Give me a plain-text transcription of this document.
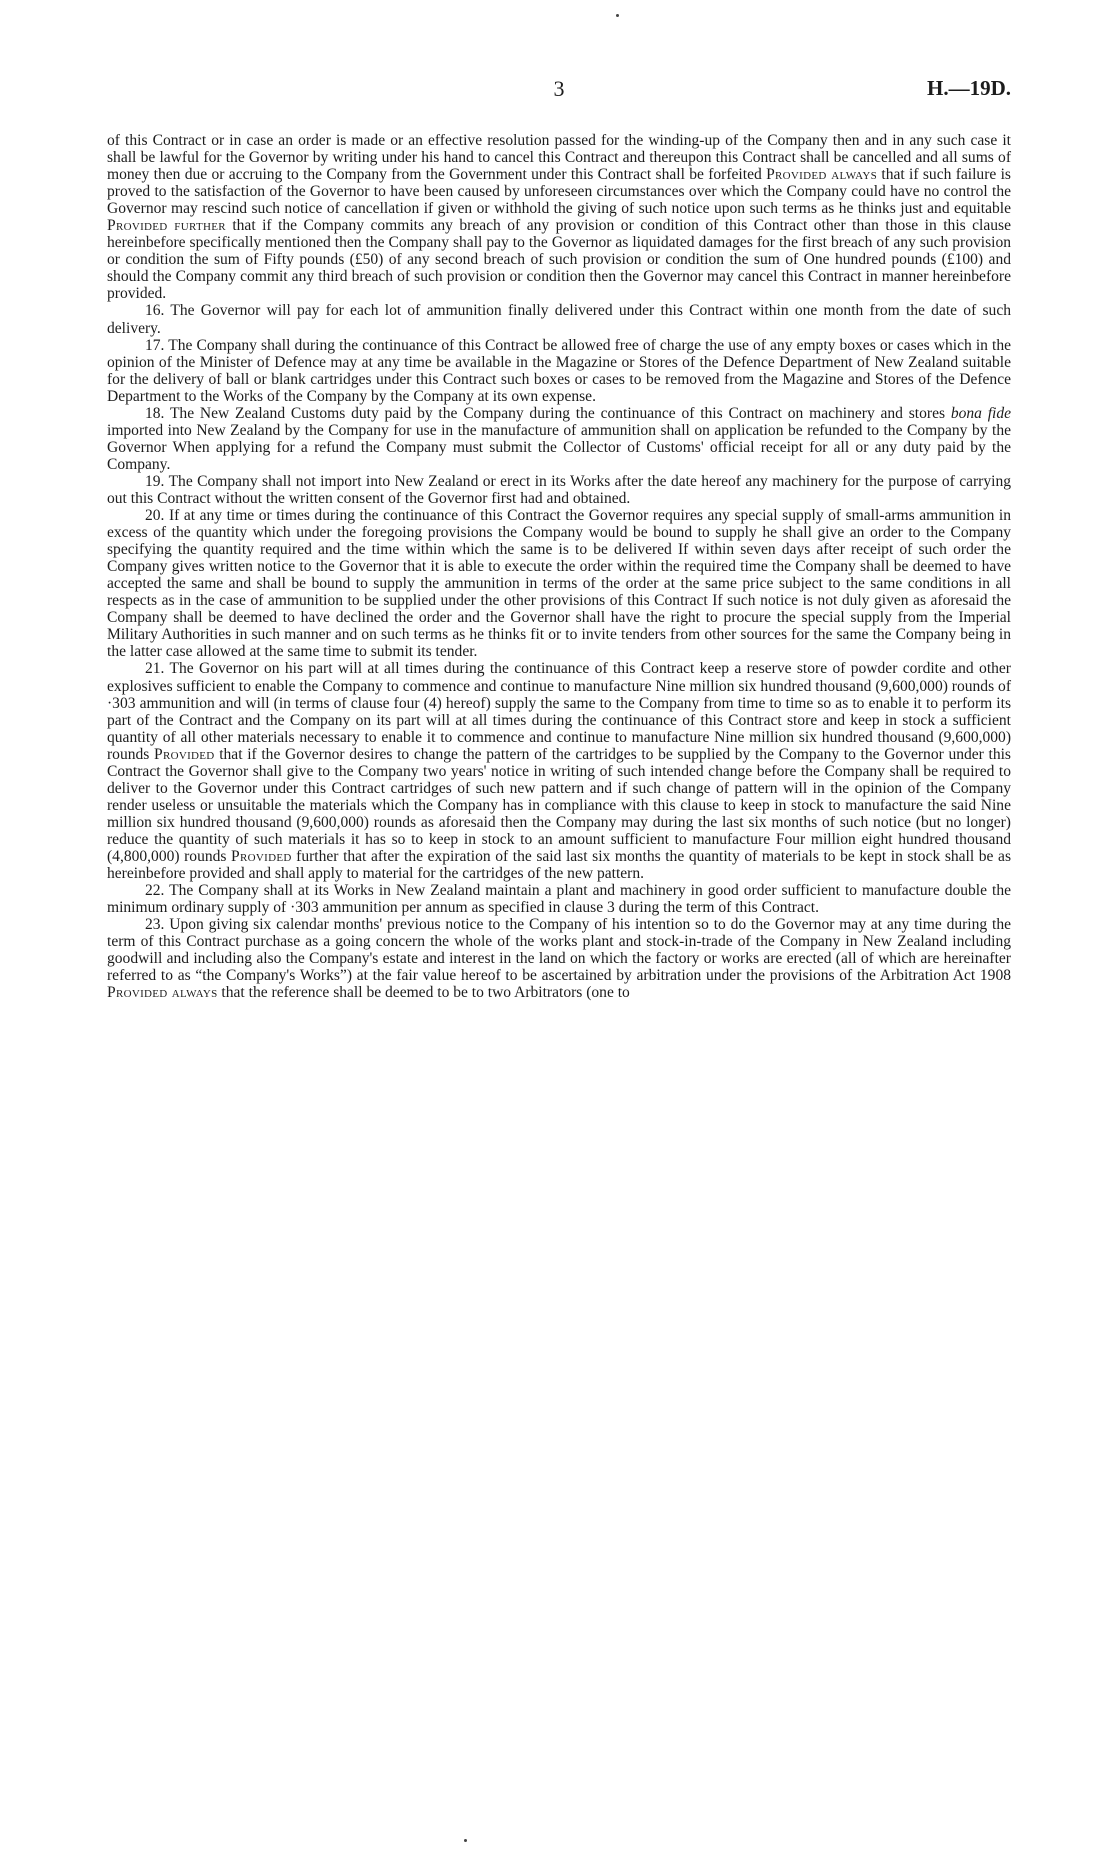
3	H.—19D.

of this Contract or in case an order is made or an effective resolution passed for the winding-up of the Company then and in any such case it shall be lawful for the Governor by writing under his hand to cancel this Contract and thereupon this Contract shall be cancelled and all sums of money then due or accruing to the Company from the Government under this Contract shall be forfeited Provided always that if such failure is proved to the satisfaction of the Governor to have been caused by unforeseen circumstances over which the Company could have no control the Governor may rescind such notice of cancellation if given or withhold the giving of such notice upon such terms as he thinks just and equitable Provided further that if the Company commits any breach of any provision or condition of this Contract other than those in this clause hereinbefore specifically mentioned then the Company shall pay to the Governor as liquidated damages for the first breach of any such provision or condition the sum of Fifty pounds (£50) of any second breach of such provision or condition the sum of One hundred pounds (£100) and should the Company commit any third breach of such provision or condition then the Governor may cancel this Contract in manner hereinbefore provided.

16. The Governor will pay for each lot of ammunition finally delivered under this Contract within one month from the date of such delivery.

17. The Company shall during the continuance of this Contract be allowed free of charge the use of any empty boxes or cases which in the opinion of the Minister of Defence may at any time be available in the Magazine or Stores of the Defence Department of New Zealand suitable for the delivery of ball or blank cartridges under this Contract such boxes or cases to be removed from the Magazine and Stores of the Defence Department to the Works of the Company by the Company at its own expense.

18. The New Zealand Customs duty paid by the Company during the continuance of this Contract on machinery and stores bona fide imported into New Zealand by the Company for use in the manufacture of ammunition shall on application be refunded to the Company by the Governor When applying for a refund the Company must submit the Collector of Customs' official receipt for all or any duty paid by the Company.

19. The Company shall not import into New Zealand or erect in its Works after the date hereof any machinery for the purpose of carrying out this Contract without the written consent of the Governor first had and obtained.

20. If at any time or times during the continuance of this Contract the Governor requires any special supply of small-arms ammunition in excess of the quantity which under the foregoing provisions the Company would be bound to supply he shall give an order to the Company specifying the quantity required and the time within which the same is to be delivered If within seven days after receipt of such order the Company gives written notice to the Governor that it is able to execute the order within the required time the Company shall be deemed to have accepted the same and shall be bound to supply the ammunition in terms of the order at the same price subject to the same conditions in all respects as in the case of ammunition to be supplied under the other provisions of this Contract If such notice is not duly given as aforesaid the Company shall be deemed to have declined the order and the Governor shall have the right to procure the special supply from the Imperial Military Authorities in such manner and on such terms as he thinks fit or to invite tenders from other sources for the same the Company being in the latter case allowed at the same time to submit its tender.

21. The Governor on his part will at all times during the continuance of this Contract keep a reserve store of powder cordite and other explosives sufficient to enable the Company to commence and continue to manufacture Nine million six hundred thousand (9,600,000) rounds of ·303 ammunition and will (in terms of clause four (4) hereof) supply the same to the Company from time to time so as to enable it to perform its part of the Contract and the Company on its part will at all times during the continuance of this Contract store and keep in stock a sufficient quantity of all other materials necessary to enable it to commence and continue to manufacture Nine million six hundred thousand (9,600,000) rounds Provided that if the Governor desires to change the pattern of the cartridges to be supplied by the Company to the Governor under this Contract the Governor shall give to the Company two years' notice in writing of such intended change before the Company shall be required to deliver to the Governor under this Contract cartridges of such new pattern and if such change of pattern will in the opinion of the Company render useless or unsuitable the materials which the Company has in compliance with this clause to keep in stock to manufacture the said Nine million six hundred thousand (9,600,000) rounds as aforesaid then the Company may during the last six months of such notice (but no longer) reduce the quantity of such materials it has so to keep in stock to an amount sufficient to manufacture Four million eight hundred thousand (4,800,000) rounds Provided further that after the expiration of the said last six months the quantity of materials to be kept in stock shall be as hereinbefore provided and shall apply to material for the cartridges of the new pattern.

22. The Company shall at its Works in New Zealand maintain a plant and machinery in good order sufficient to manufacture double the minimum ordinary supply of ·303 ammunition per annum as specified in clause 3 during the term of this Contract.

23. Upon giving six calendar months' previous notice to the Company of his intention so to do the Governor may at any time during the term of this Contract purchase as a going concern the whole of the works plant and stock-in-trade of the Company in New Zealand including goodwill and including also the Company's estate and interest in the land on which the factory or works are erected (all of which are hereinafter referred to as “the Company's Works”) at the fair value hereof to be ascertained by arbitration under the provisions of the Arbitration Act 1908 Provided always that the reference shall be deemed to be to two Arbitrators (one to
